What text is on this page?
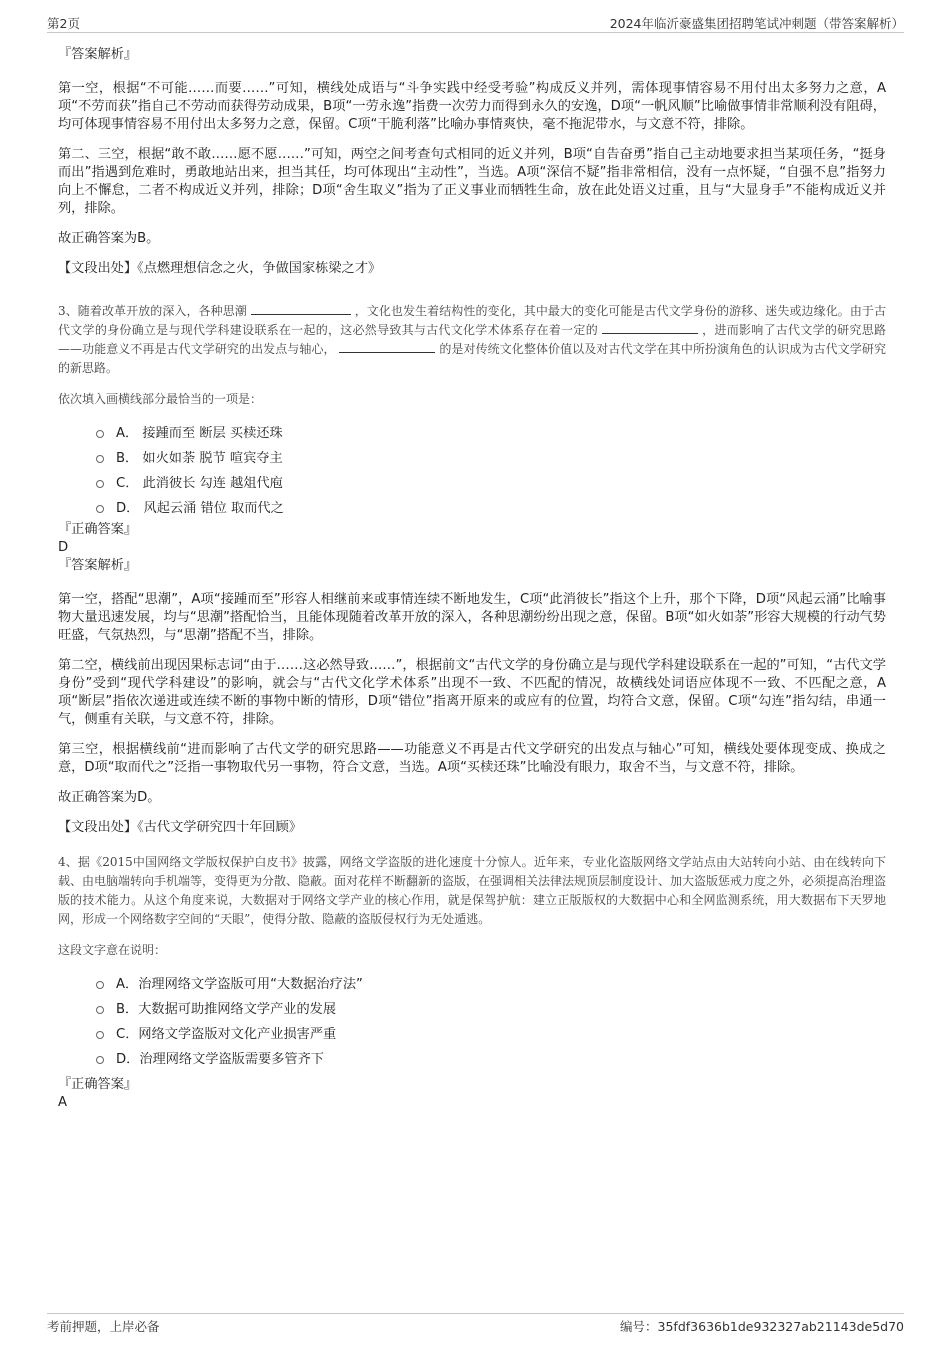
第2页	2024年临沂豪盛集团招聘笔试冲刺题（带答案解析）

『答案解析』

第一空，根据“不可能……而要……”可知，横线处成语与“斗争实践中经受考验”构成反义并列，需体现事情容易不用付出太多努力之意，A项“不劳而获”指自己不劳动而获得劳动成果，B项“一劳永逸”指费一次劳力而得到永久的安逸，D项“一帆风顺”比喻做事情非常顺利没有阻碍，均可体现事情容易不用付出太多努力之意，保留。C项“干脆利落”比喻办事情爽快，毫不拖泥带水，与文意不符，排除。

第二、三空，根据“敢不敢……愿不愿……”可知，两空之间考查句式相同的近义并列，B项“自告奋勇”指自己主动地要求担当某项任务，“挺身而出”指遇到危难时，勇敢地站出来，担当其任，均可体现出“主动性”，当选。A项“深信不疑”指非常相信，没有一点怀疑，“自强不息”指努力向上不懈怠，二者不构成近义并列，排除；D项“舍生取义”指为了正义事业而牺牲生命，放在此处语义过重，且与“大显身手”不能构成近义并列，排除。

故正确答案为B。

【文段出处】《点燃理想信念之火，争做国家栋梁之才》

3、随着改革开放的深入，各种思潮	，文化也发生着结构性的变化，其中最大的变化可能是古代文学身份的游移、迷失或边缘化。由于古代文学的身份确立是与现代学科建设联系在一起的，这必然导致其与古代文化学术体系存在着一定的	，进而影响了古代文学的研究思路——功能意义不再是古代文学研究的出发点与轴心，	的是对传统文化整体价值以及对古代文学在其中所扮演角色的认识成为古代文学研究的新思路。

依次填入画横线部分最恰当的一项是：

A． 接踵而至 断层 买椟还珠
B． 如火如荼 脱节 喧宾夺主
C． 此消彼长 勾连 越俎代庖
D． 风起云涌 错位 取而代之

『正确答案』

D

『答案解析』

第一空，搭配“思潮”，A项“接踵而至”形容人相继前来或事情连续不断地发生，C项“此消彼长”指这个上升，那个下降，D项“风起云涌”比喻事物大量迅速发展，均与“思潮”搭配恰当，且能体现随着改革开放的深入，各种思潮纷纷出现之意，保留。B项“如火如荼”形容大规模的行动气势旺盛，气氛热烈，与“思潮”搭配不当，排除。

第二空，横线前出现因果标志词“由于……这必然导致……”，根据前文“古代文学的身份确立是与现代学科建设联系在一起的”可知，“古代文学身份”受到“现代学科建设”的影响，就会与“古代文化学术体系”出现不一致、不匹配的情况，故横线处词语应体现不一致、不匹配之意，A项“断层”指依次递进或连续不断的事物中断的情形，D项“错位”指离开原来的或应有的位置，均符合文意，保留。C项“勾连”指勾结，串通一气，侧重有关联，与文意不符，排除。

第三空，根据横线前“进而影响了古代文学的研究思路——功能意义不再是古代文学研究的出发点与轴心”可知，横线处要体现变成、换成之意，D项“取而代之”泛指一事物取代另一事物，符合文意，当选。A项“买椟还珠”比喻没有眼力，取舍不当，与文意不符，排除。

故正确答案为D。

【文段出处】《古代文学研究四十年回顾》

4、据《2015中国网络文学版权保护白皮书》披露，网络文学盗版的进化速度十分惊人。近年来，专业化盗版网络文学站点由大站转向小站、由在线转向下载、由电脑端转向手机端等，变得更为分散、隐蔽。面对花样不断翻新的盗版，在强调相关法律法规顶层制度设计、加大盗版惩戒力度之外，必须提高治理盗版的技术能力。从这个角度来说，大数据对于网络文学产业的核心作用，就是保驾护航：建立正版版权的大数据中心和全网监测系统，用大数据布下天罗地网，形成一个网络数字空间的“天眼”，使得分散、隐蔽的盗版侵权行为无处遁逃。

这段文字意在说明：

A．治理网络文学盗版可用“大数据治疗法”
B．大数据可助推网络文学产业的发展
C．网络文学盗版对文化产业损害严重
D．治理网络文学盗版需要多管齐下

『正确答案』

A

考前押题，上岸必备	编号：35fdf3636b1de932327ab21143de5d70
